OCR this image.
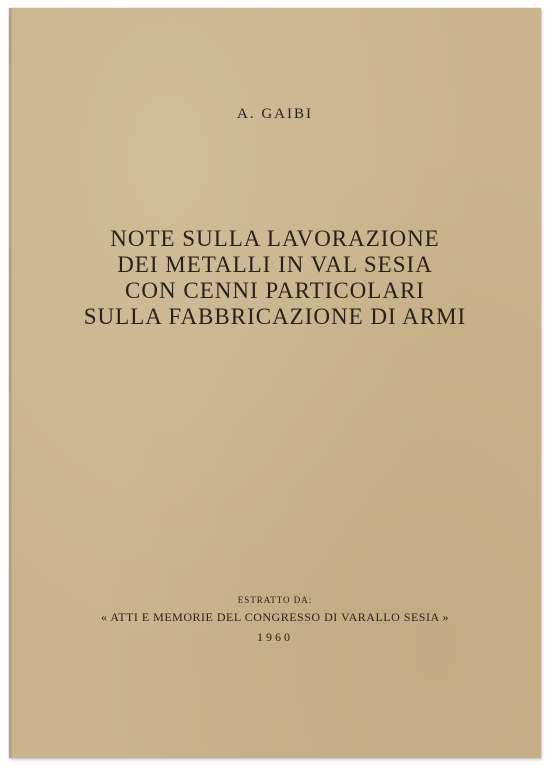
A. GAIBI
NOTE SULLA LAVORAZIONE
DEI METALLI IN VAL SESIA
CON CENNI PARTICOLARI
SULLA FABBRICAZIONE DI ARMI
ESTRATTO DA:
« ATTI E MEMORIE DEL CONGRESSO DI VARALLO SESIA »
1960
